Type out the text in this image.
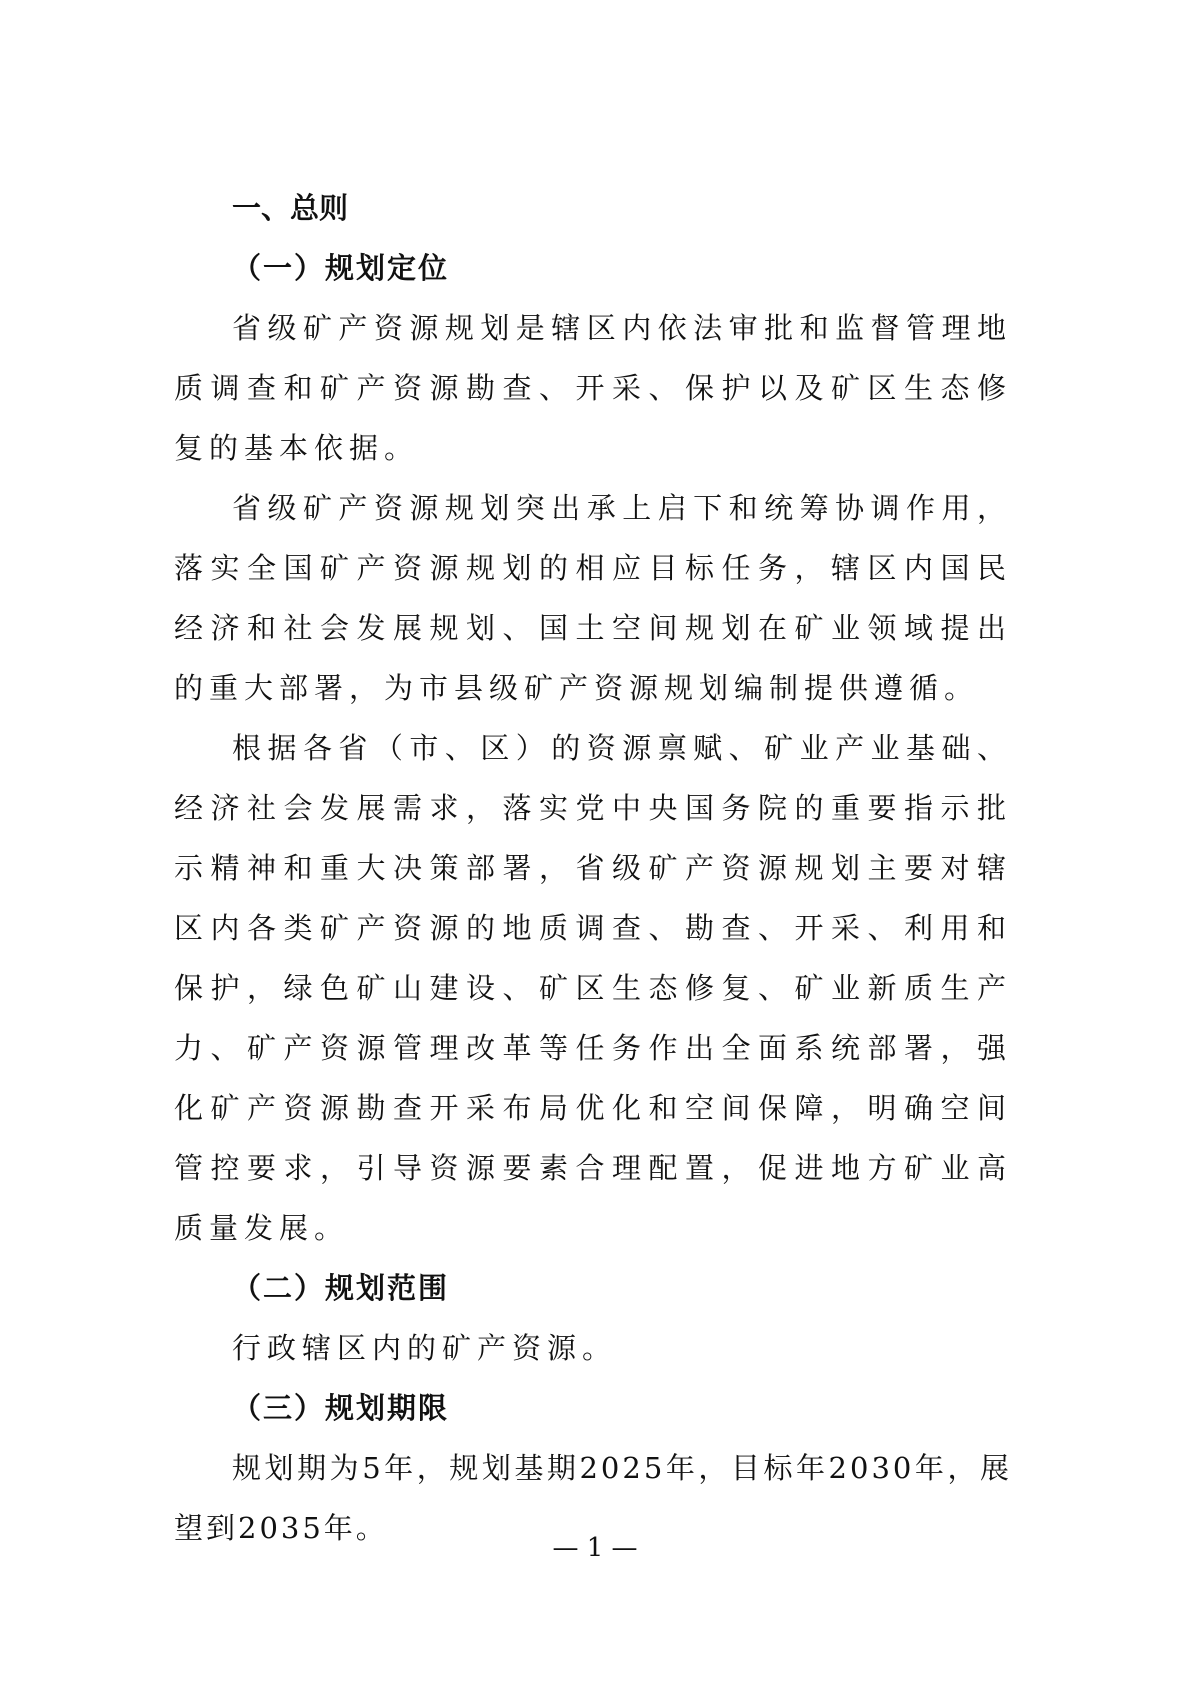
一、总则
（一）规划定位

省级矿产资源规划是辖区内依法审批和监督管理地质调查和矿产资源勘查、开采、保护以及矿区生态修复的基本依据。

省级矿产资源规划突出承上启下和统筹协调作用，落实全国矿产资源规划的相应目标任务，辖区内国民经济和社会发展规划、国土空间规划在矿业领域提出的重大部署，为市县级矿产资源规划编制提供遵循。

根据各省（市、区）的资源禀赋、矿业产业基础、经济社会发展需求，落实党中央国务院的重要指示批示精神和重大决策部署，省级矿产资源规划主要对辖区内各类矿产资源的地质调查、勘查、开采、利用和保护，绿色矿山建设、矿区生态修复、矿业新质生产力、矿产资源管理改革等任务作出全面系统部署，强化矿产资源勘查开采布局优化和空间保障，明确空间管控要求，引导资源要素合理配置，促进地方矿业高质量发展。

（二）规划范围

行政辖区内的矿产资源。

（三）规划期限

规划期为5年，规划基期2025年，目标年2030年，展望到2035年。

— 1 —
